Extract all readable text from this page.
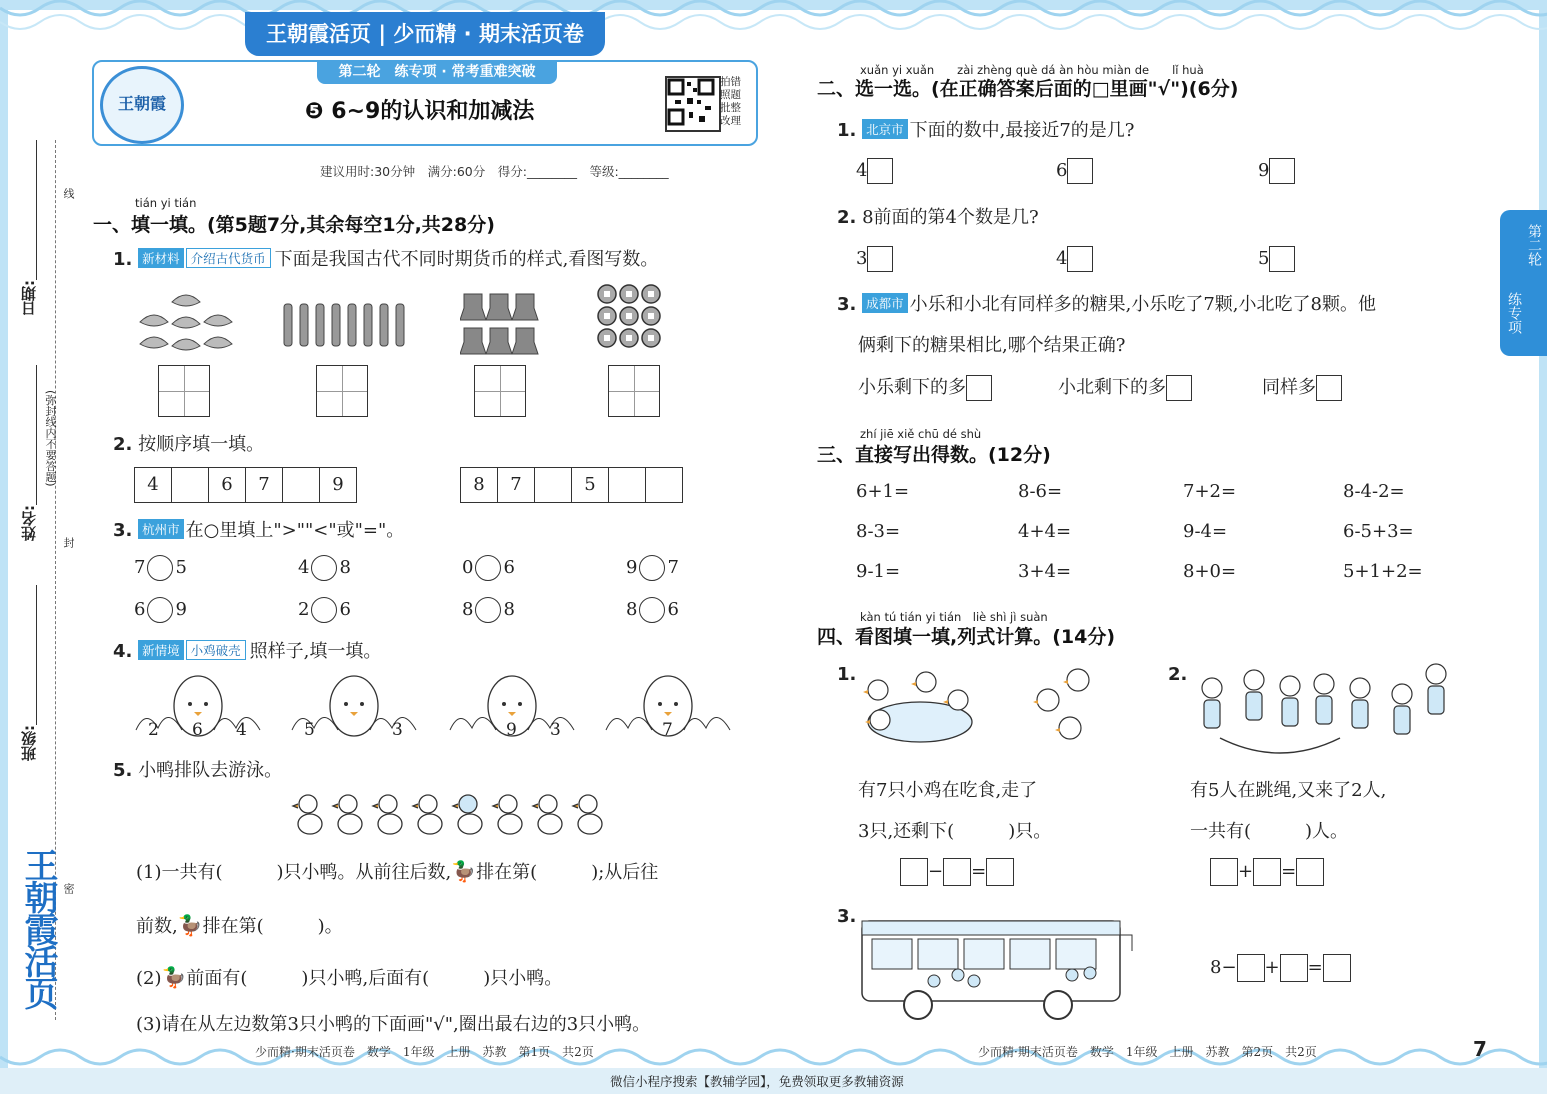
王朝霞活页 | 少而精 · 期末活页卷
王朝霞
第二轮　练专项 · 常考重难突破
❺ 6~9的认识和加减法
拍错
照题
批整
改理
建议用时:30分钟　满分:60分　得分:________　等级:________
日期:
姓名:
班级:
(弥封线内不要答题)
线
封
密
王朝霞活页
第二轮
练专项
tián yi tián
一、填一填。(第5题7分,其余每空1分,共28分)
1. 新材料 介绍古代货币 下面是我国古代不同时期货币的样式,看图写数。
2. 按顺序填一填。
4	6	7	9	8	7	5
3. 杭州市 在○里填上">""<"或"="。
7 5	4 8	0 6	9 7
6 9	2 6	8 8	8 6
4. 新情境 小鸡破壳 照样子,填一填。
2 6 4	5	3	9 3	7
5. 小鸭排队去游泳。
(1)一共有(　　　)只小鸭。从前往后数,🦆排在第(　　　);从后往
前数,🦆排在第(　　　)。
(2)🦆前面有(　　　)只小鸭,后面有(　　　)只小鸭。
(3)请在从左边数第3只小鸭的下面画"√",圈出最右边的3只小鸭。
少而精·期末活页卷　数学　1年级　上册　苏教　第1页　共2页
xuǎn yi xuǎn　　zài zhèng què dá àn hòu miàn de　　lǐ huà
二、选一选。(在正确答案后面的□里画"√")(6分)
1. 北京市 下面的数中,最接近7的是几?
4	6	9
2. 8前面的第4个数是几?
3	4	5
3. 成都市 小乐和小北有同样多的糖果,小乐吃了7颗,小北吃了8颗。他
俩剩下的糖果相比,哪个结果正确?
小乐剩下的多	小北剩下的多	同样多
zhí jiē xiě chū dé shù
三、直接写出得数。(12分)
6+1=	8-6=	7+2=	8-4-2=
8-3=	4+4=	9-4=	6-5+3=
9-1=	3+4=	8+0=	5+1+2=
kàn tú tián yi tián　liè shì jì suàn
四、看图填一填,列式计算。(14分)
1.
有7只小鸡在吃食,走了
3只,还剩下(　　　)只。
− =
2.
有5人在跳绳,又来了2人,
一共有(　　　)人。
+ =
3.
8− + =
少而精·期末活页卷　数学　1年级　上册　苏教　第2页　共2页	7
微信小程序搜索【教辅学园】，免费领取更多教辅资源
